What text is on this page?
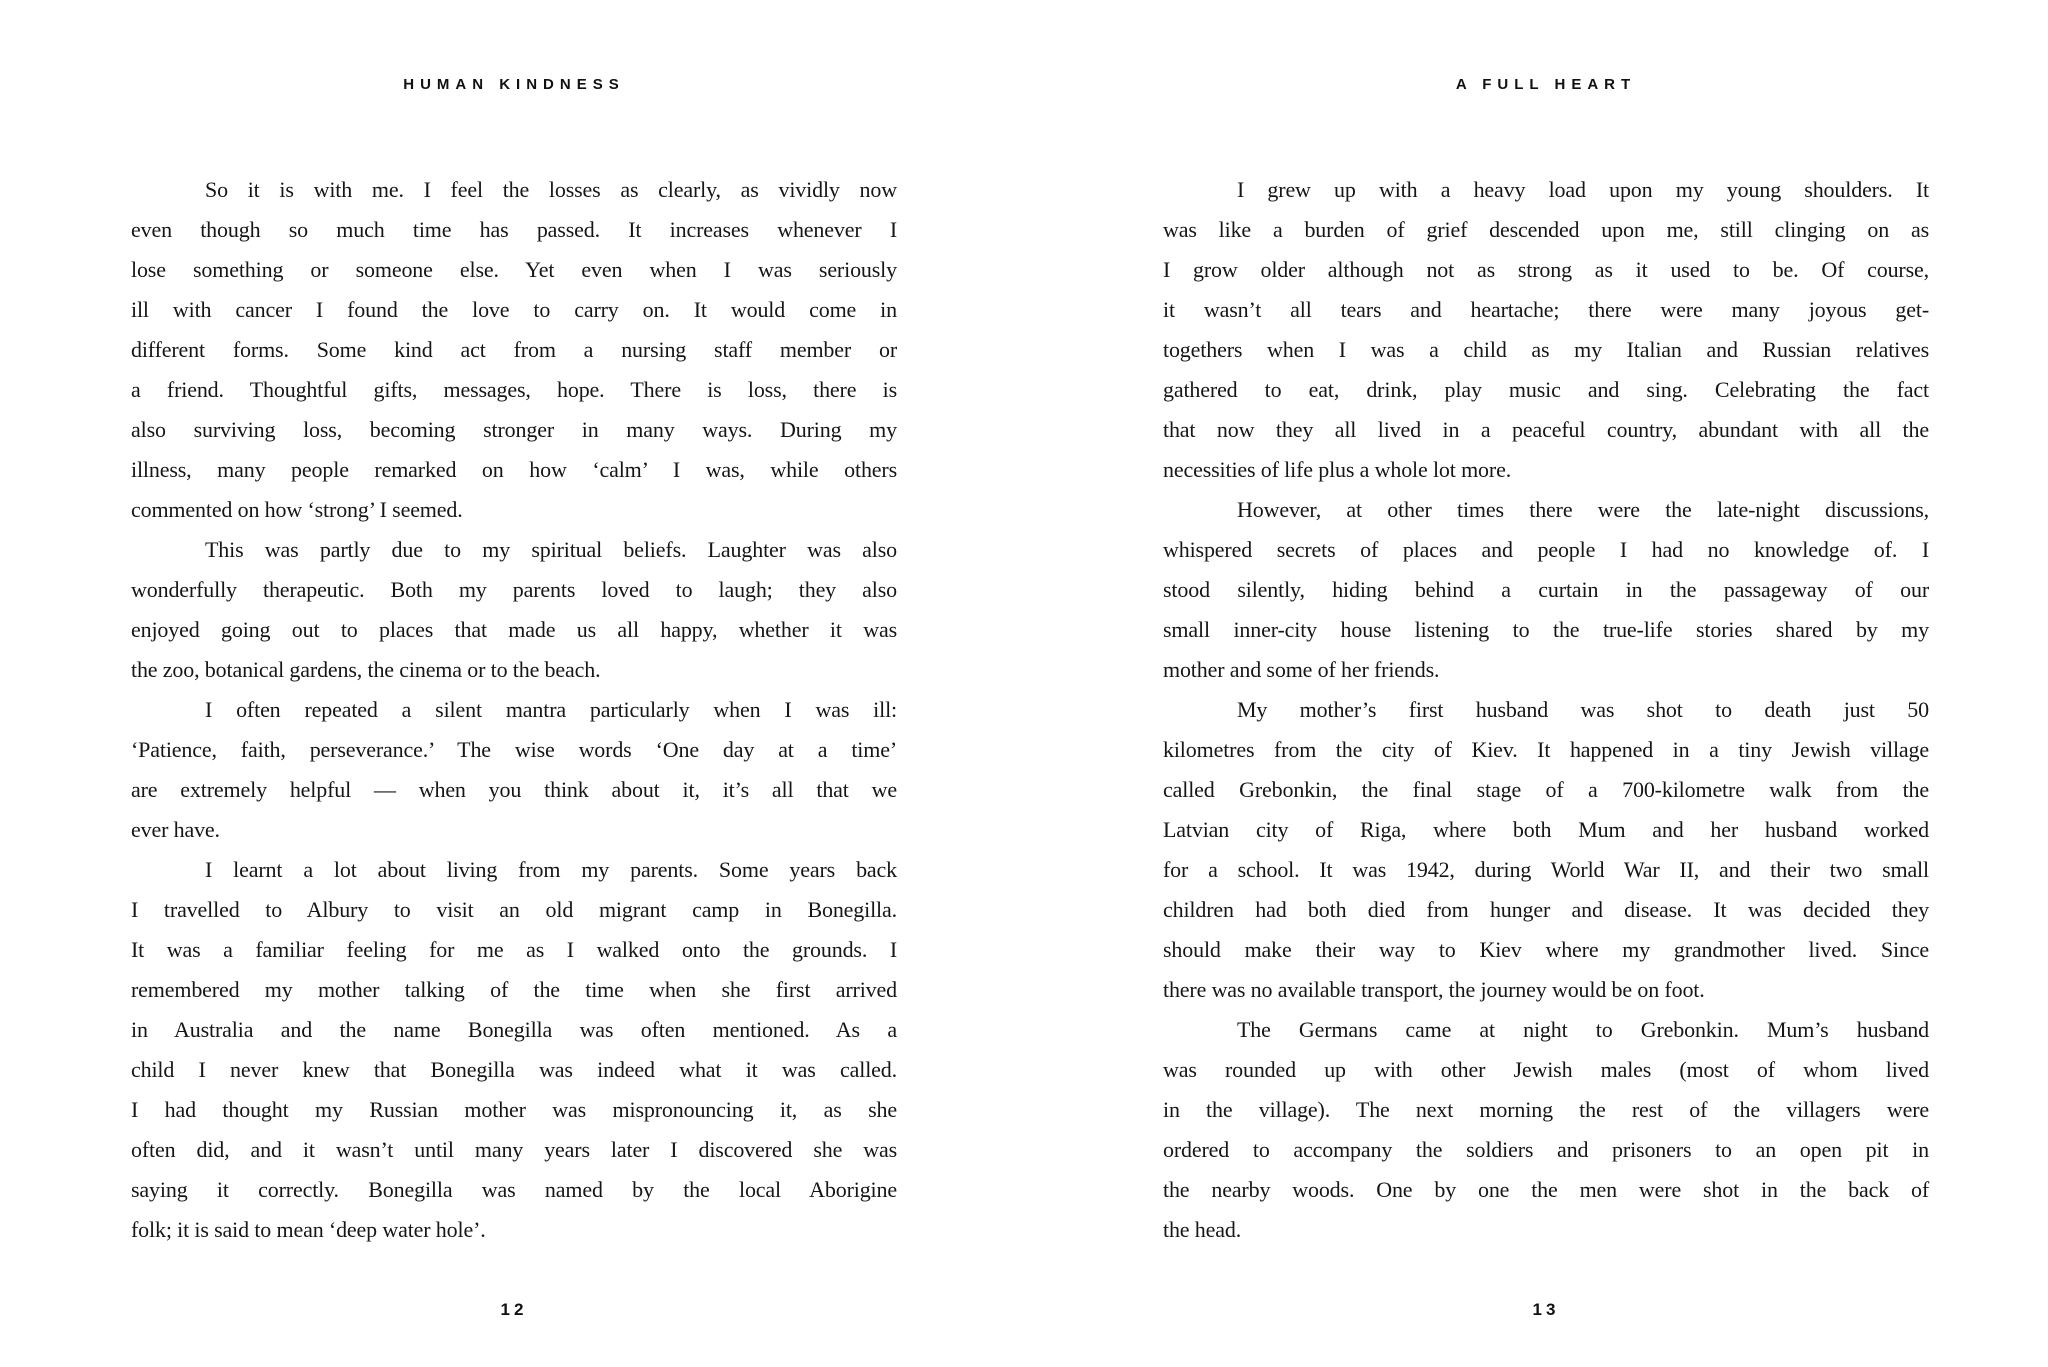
HUMAN KINDNESS
So it is with me. I feel the losses as clearly, as vividly now
even though so much time has passed. It increases whenever I
lose something or someone else. Yet even when I was seriously
ill with cancer I found the love to carry on. It would come in
different forms. Some kind act from a nursing staff member or
a friend. Thoughtful gifts, messages, hope. There is loss, there is
also surviving loss, becoming stronger in many ways. During my
illness, many people remarked on how ‘calm’ I was, while others
commented on how ‘strong’ I seemed.
This was partly due to my spiritual beliefs. Laughter was also
wonderfully therapeutic. Both my parents loved to laugh; they also
enjoyed going out to places that made us all happy, whether it was
the zoo, botanical gardens, the cinema or to the beach.
I often repeated a silent mantra particularly when I was ill:
‘Patience, faith, perseverance.’ The wise words ‘One day at a time’
are extremely helpful — when you think about it, it’s all that we
ever have.
I learnt a lot about living from my parents. Some years back
I travelled to Albury to visit an old migrant camp in Bonegilla.
It was a familiar feeling for me as I walked onto the grounds. I
remembered my mother talking of the time when she first arrived
in Australia and the name Bonegilla was often mentioned. As a
child I never knew that Bonegilla was indeed what it was called.
I had thought my Russian mother was mispronouncing it, as she
often did, and it wasn’t until many years later I discovered she was
saying it correctly. Bonegilla was named by the local Aborigine
folk; it is said to mean ‘deep water hole’.
12
A FULL HEART
I grew up with a heavy load upon my young shoulders. It
was like a burden of grief descended upon me, still clinging on as
I grow older although not as strong as it used to be. Of course,
it wasn’t all tears and heartache; there were many joyous get-
togethers when I was a child as my Italian and Russian relatives
gathered to eat, drink, play music and sing. Celebrating the fact
that now they all lived in a peaceful country, abundant with all the
necessities of life plus a whole lot more.
However, at other times there were the late-night discussions,
whispered secrets of places and people I had no knowledge of. I
stood silently, hiding behind a curtain in the passageway of our
small inner-city house listening to the true-life stories shared by my
mother and some of her friends.
My mother’s first husband was shot to death just 50
kilometres from the city of Kiev. It happened in a tiny Jewish village
called Grebonkin, the final stage of a 700-kilometre walk from the
Latvian city of Riga, where both Mum and her husband worked
for a school. It was 1942, during World War II, and their two small
children had both died from hunger and disease. It was decided they
should make their way to Kiev where my grandmother lived. Since
there was no available transport, the journey would be on foot.
The Germans came at night to Grebonkin. Mum’s husband
was rounded up with other Jewish males (most of whom lived
in the village). The next morning the rest of the villagers were
ordered to accompany the soldiers and prisoners to an open pit in
the nearby woods. One by one the men were shot in the back of
the head.
13
